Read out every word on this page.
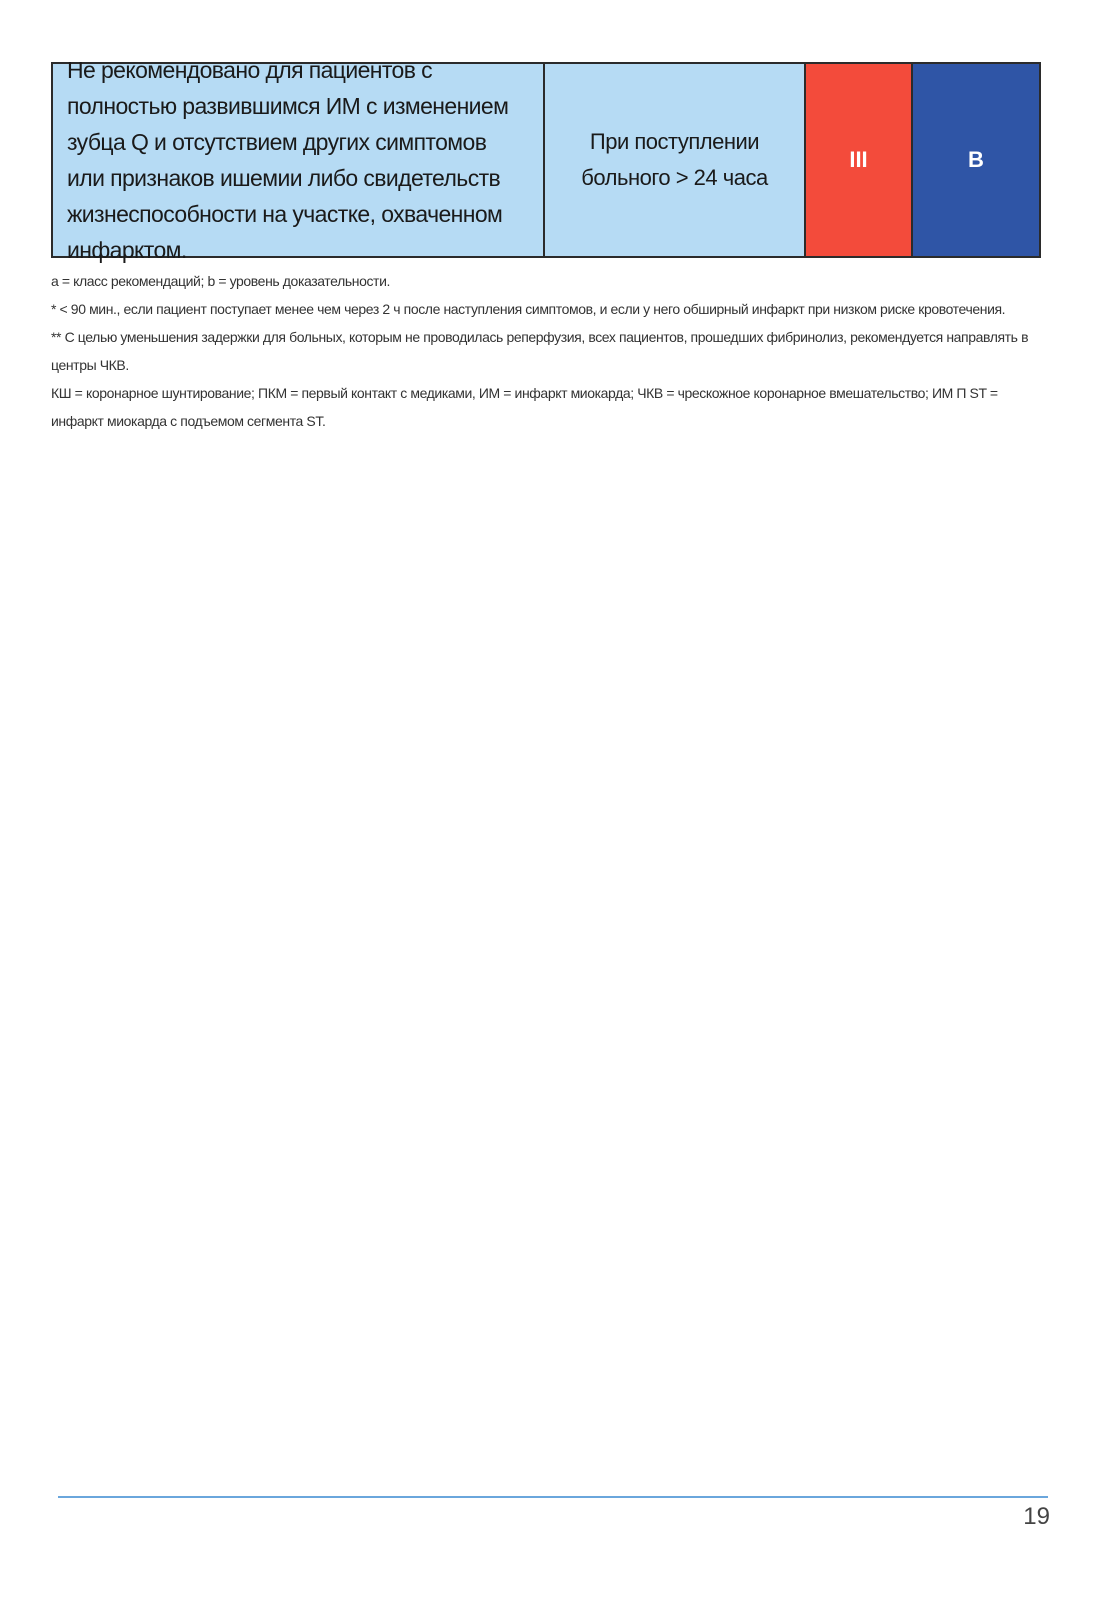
Не рекомендовано для пациентов с полностью развившимся ИМ с изменением зубца Q и отсутствием других симптомов или признаков ишемии либо свидетельств жизнеспособности на участке, охваченном инфарктом.
При поступлении больного > 24 часа
III	B

a = класс рекомендаций; b = уровень доказательности.

* < 90 мин., если пациент поступает менее чем через 2 ч после наступления симптомов, и если у него обширный инфаркт при низком риске кровотечения.

** С целью уменьшения задержки для больных, которым не проводилась реперфузия, всех пациентов, прошедших фибринолиз, рекомендуется направлять в центры ЧКВ.

КШ = коронарное шунтирование; ПКМ = первый контакт с медиками, ИМ = инфаркт миокарда; ЧКВ = чрескожное коронарное вмешательство; ИМ П ST = инфаркт миокарда с подъемом сегмента ST.

19
